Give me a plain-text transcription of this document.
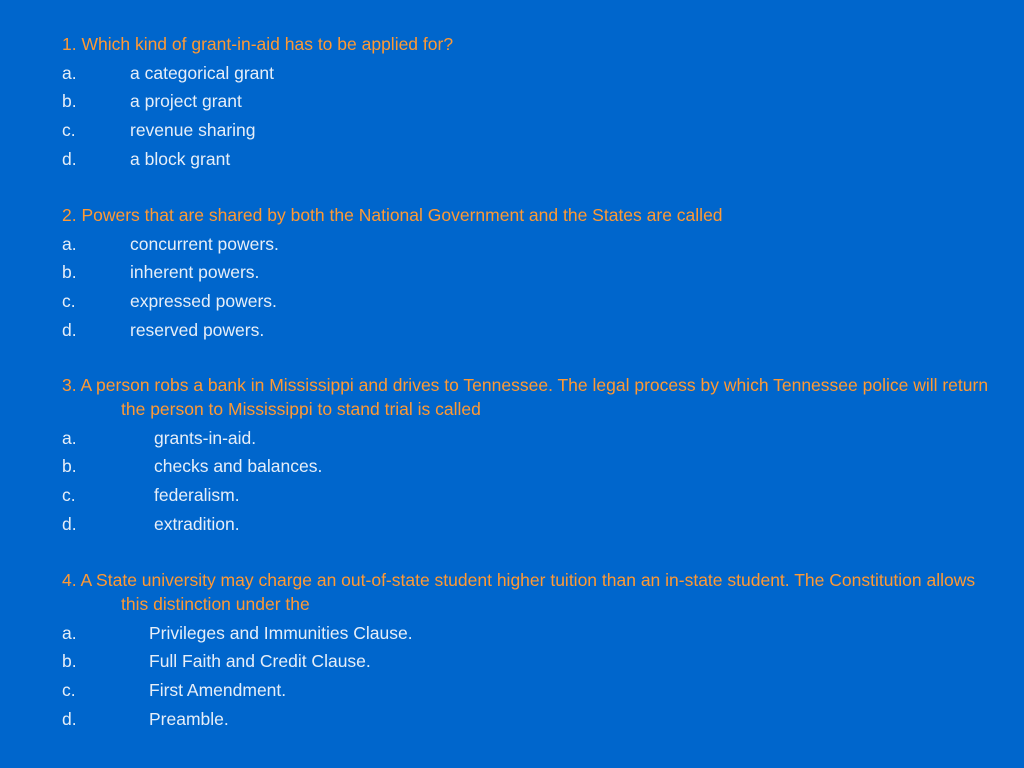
1. Which kind of grant-in-aid has to be applied for?

a.	a categorical grant
b.	a project grant
c.	revenue sharing
d.	a block grant

2. Powers that are shared by both the National Government and the States are called

a.	concurrent powers.
b.	inherent powers.
c.	expressed powers.
d.	reserved powers.

3. A person robs a bank in Mississippi and drives to Tennessee. The legal process by which Tennessee police will return the person to Mississippi to stand trial is called

a.	grants-in-aid.
b.	checks and balances.
c.	federalism.
d.	extradition.

4. A State university may charge an out-of-state student higher tuition than an in-state student. The Constitution allows this distinction under the

a.	Privileges and Immunities Clause.
b.	Full Faith and Credit Clause.
c.	First Amendment.
d.	Preamble.
